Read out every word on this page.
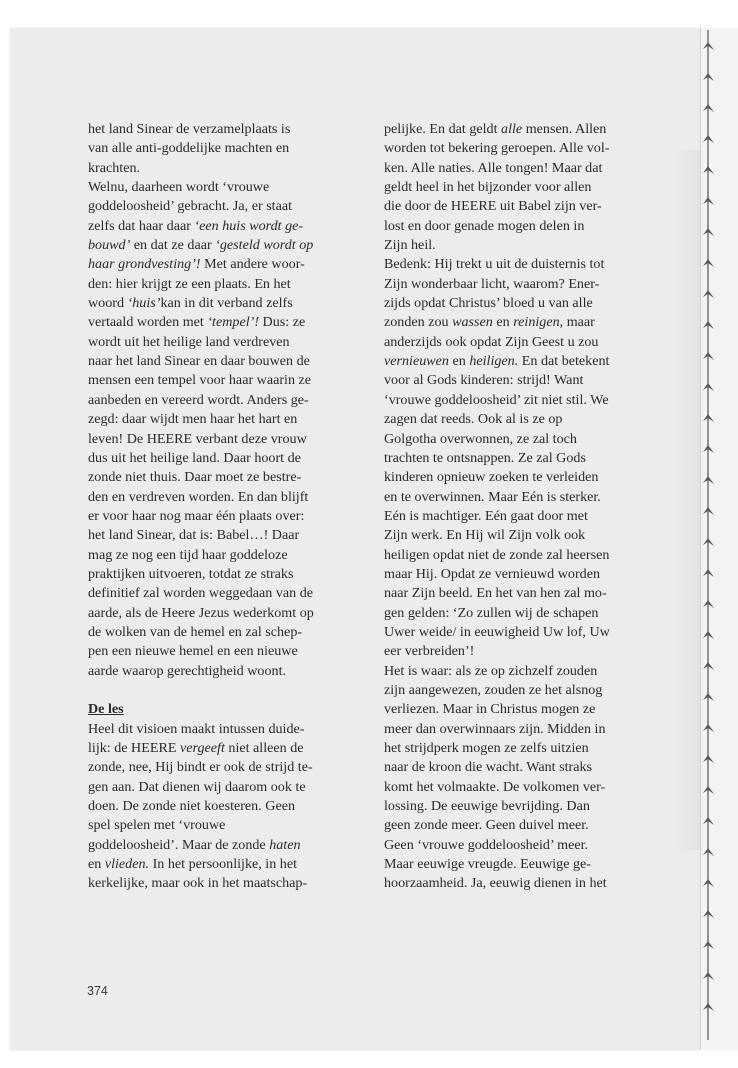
het land Sinear de verzamelplaats is
van alle anti-goddelijke machten en
krachten.
Welnu, daarheen wordt ‘vrouwe
goddeloosheid’ gebracht. Ja, er staat
zelfs dat haar daar ‘een huis wordt ge-
bouwd’ en dat ze daar ‘gesteld wordt op
haar grondvesting’! Met andere woor-
den: hier krijgt ze een plaats. En het
woord ‘huis’kan in dit verband zelfs
vertaald worden met ‘tempel’! Dus: ze
wordt uit het heilige land verdreven
naar het land Sinear en daar bouwen de
mensen een tempel voor haar waarin ze
aanbeden en vereerd wordt. Anders ge-
zegd: daar wijdt men haar het hart en
leven! De HEERE verbant deze vrouw
dus uit het heilige land. Daar hoort de
zonde niet thuis. Daar moet ze bestre-
den en verdreven worden. En dan blijft
er voor haar nog maar één plaats over:
het land Sinear, dat is: Babel…! Daar
mag ze nog een tijd haar goddeloze
praktijken uitvoeren, totdat ze straks
definitief zal worden weggedaan van de
aarde, als de Heere Jezus wederkomt op
de wolken van de hemel en zal schep-
pen een nieuwe hemel en een nieuwe
aarde waarop gerechtigheid woont.
De les
Heel dit visioen maakt intussen duide-
lijk: de HEERE vergeeft niet alleen de
zonde, nee, Hij bindt er ook de strijd te-
gen aan. Dat dienen wij daarom ook te
doen. De zonde niet koesteren. Geen
spel spelen met ‘vrouwe
goddeloosheid’. Maar de zonde haten
en vlieden. In het persoonlijke, in het
kerkelijke, maar ook in het maatschap-
pelijke. En dat geldt alle mensen. Allen
worden tot bekering geroepen. Alle vol-
ken. Alle naties. Alle tongen! Maar dat
geldt heel in het bijzonder voor allen
die door de HEERE uit Babel zijn ver-
lost en door genade mogen delen in
Zijn heil.
Bedenk: Hij trekt u uit de duisternis tot
Zijn wonderbaar licht, waarom? Ener-
zijds opdat Christus’ bloed u van alle
zonden zou wassen en reinigen, maar
anderzijds ook opdat Zijn Geest u zou
vernieuwen en heiligen. En dat betekent
voor al Gods kinderen: strijd! Want
‘vrouwe goddeloosheid’ zit niet stil. We
zagen dat reeds. Ook al is ze op
Golgotha overwonnen, ze zal toch
trachten te ontsnappen. Ze zal Gods
kinderen opnieuw zoeken te verleiden
en te overwinnen. Maar Eén is sterker.
Eén is machtiger. Eén gaat door met
Zijn werk. En Hij wil Zijn volk ook
heiligen opdat niet de zonde zal heersen
maar Hij. Opdat ze vernieuwd worden
naar Zijn beeld. En het van hen zal mo-
gen gelden: ‘Zo zullen wij de schapen
Uwer weide/ in eeuwigheid Uw lof, Uw
eer verbreiden’!
Het is waar: als ze op zichzelf zouden
zijn aangewezen, zouden ze het alsnog
verliezen. Maar in Christus mogen ze
meer dan overwinnaars zijn. Midden in
het strijdperk mogen ze zelfs uitzien
naar de kroon die wacht. Want straks
komt het volmaakte. De volkomen ver-
lossing. De eeuwige bevrijding. Dan
geen zonde meer. Geen duivel meer.
Geen ‘vrouwe goddeloosheid’ meer.
Maar eeuwige vreugde. Eeuwige ge-
hoorzaamheid. Ja, eeuwig dienen in het
374
